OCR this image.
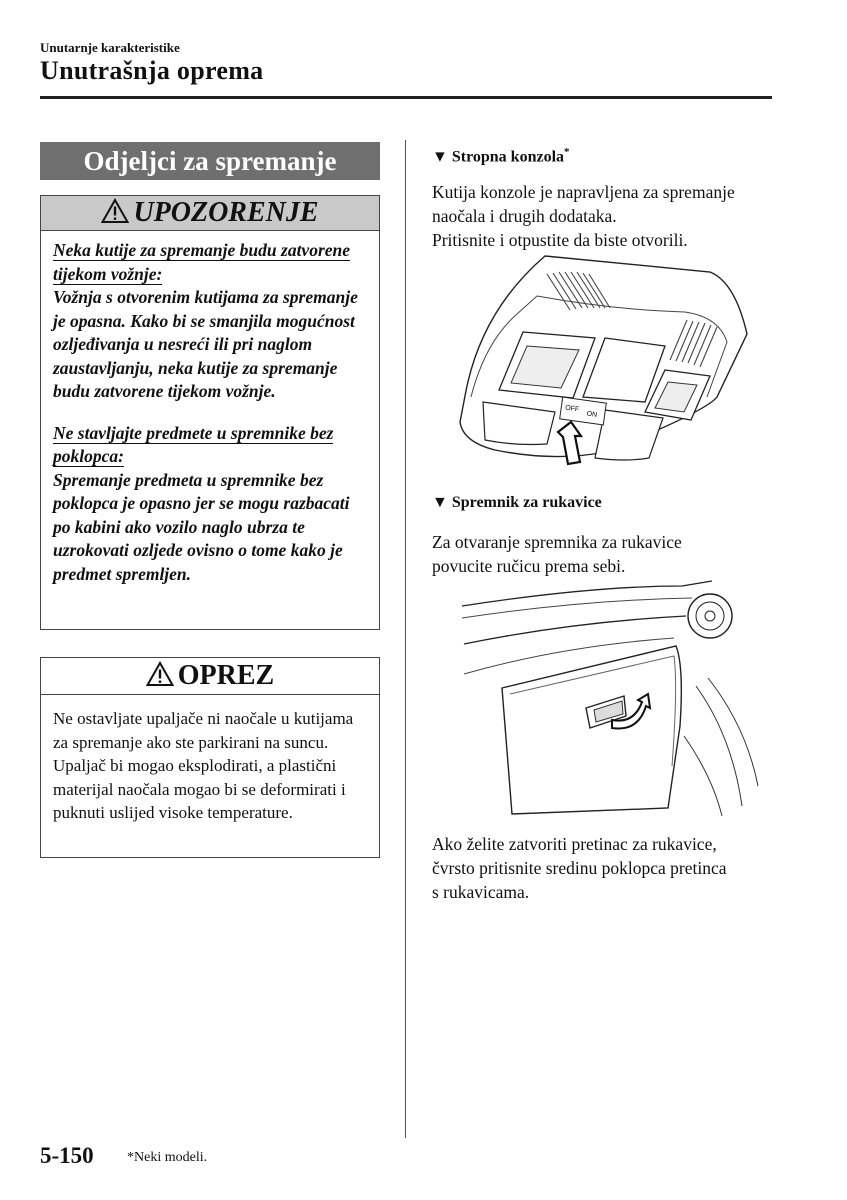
Unutarnje karakteristike
Unutrašnja oprema
Odjeljci za spremanje
UPOZORENJE
Neka kutije za spremanje budu zatvorene tijekom vožnje:
Vožnja s otvorenim kutijama za spremanje je opasna. Kako bi se smanjila mogućnost ozljeđivanja u nesreći ili pri naglom zaustavljanju, neka kutije za spremanje budu zatvorene tijekom vožnje.
Ne stavljajte predmete u spremnike bez poklopca:
Spremanje predmeta u spremnike bez poklopca je opasno jer se mogu razbacati po kabini ako vozilo naglo ubrza te uzrokovati ozljede ovisno o tome kako je predmet spremljen.
OPREZ
Ne ostavljate upaljače ni naočale u kutijama za spremanje ako ste parkirani na suncu. Upaljač bi mogao eksplodirati, a plastični materijal naočala mogao bi se deformirati i puknuti uslijed visoke temperature.
▼ Stropna konzola*
Kutija konzole je napravljena za spremanje
naočala i drugih dodataka.
Pritisnite i otpustite da biste otvorili.
OFF
ON
▼ Spremnik za rukavice
Za otvaranje spremnika za rukavice
povucite ručicu prema sebi.
Ako želite zatvoriti pretinac za rukavice,
čvrsto pritisnite sredinu poklopca pretinca
s rukavicama.
5-150 *Neki modeli.
